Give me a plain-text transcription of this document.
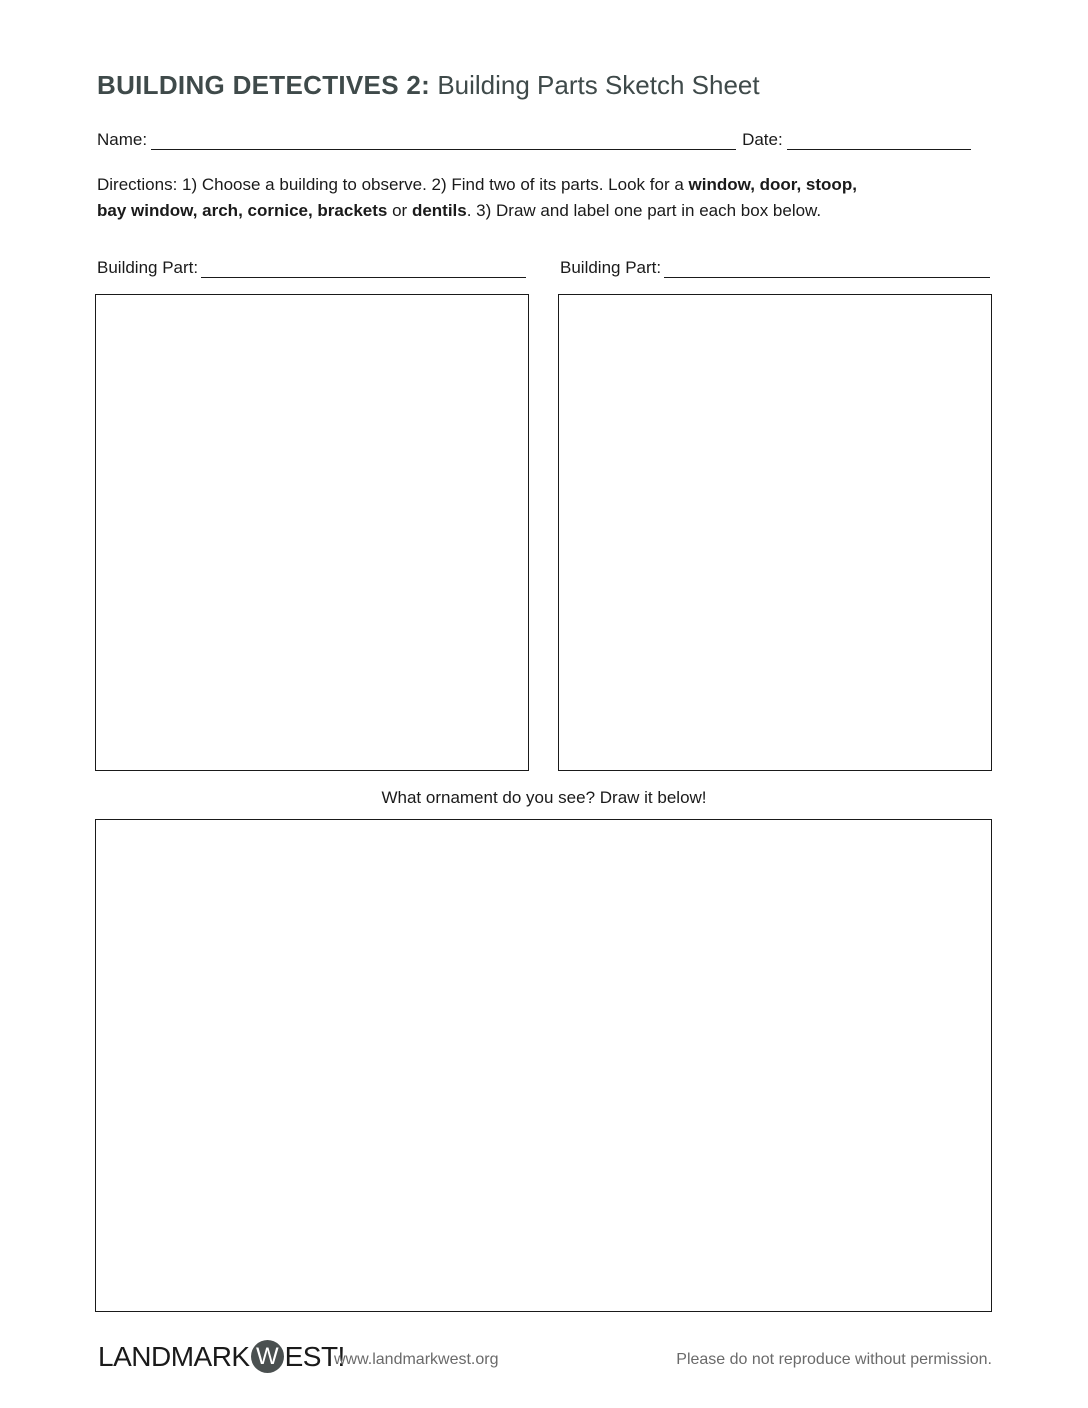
BUILDING DETECTIVES 2: Building Parts Sketch Sheet
Name:	Date:
Directions: 1) Choose a building to observe. 2) Find two of its parts. Look for a window, door, stoop,
bay window, arch, cornice, brackets or dentils. 3) Draw and label one part in each box below.
Building Part:	Building Part:
What ornament do you see? Draw it below!
LANDMARK W EST!
www.landmarkwest.org	Please do not reproduce without permission.
